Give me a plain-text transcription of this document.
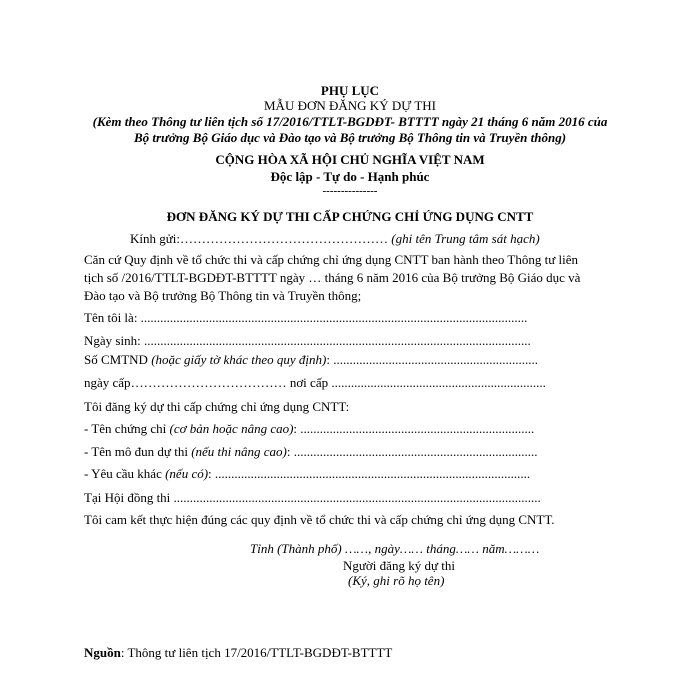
PHỤ LỤC
MẪU ĐƠN ĐĂNG KÝ DỰ THI
(Kèm theo Thông tư liên tịch số 17/2016/TTLT-BGDĐT- BTTTT ngày 21 tháng 6 năm 2016 của
Bộ trưởng Bộ Giáo dục và Đào tạo và Bộ trưởng Bộ Thông tin và Truyền thông)
CỘNG HÒA XÃ HỘI CHỦ NGHĨA VIỆT NAM
Độc lập - Tự do - Hạnh phúc
---------------
ĐƠN ĐĂNG KÝ DỰ THI CẤP CHỨNG CHỈ ỨNG DỤNG CNTT
Kính gửi:………………………………………… (ghi tên Trung tâm sát hạch)
Căn cứ Quy định về tổ chức thi và cấp chứng chỉ ứng dụng CNTT ban hành theo Thông tư liên
tịch số /2016/TTLT-BGDĐT-BTTTT ngày … tháng 6 năm 2016 của Bộ trưởng Bộ Giáo dục và
Đào tạo và Bộ trưởng Bộ Thông tin và Truyền thông;
Tên tôi là: .......................................................................................................................
Ngày sinh: .......................................................................................................................
Số CMTND (hoặc giấy tờ khác theo quy định): ...............................................................
ngày cấp……………………………… nơi cấp ..................................................................
Tôi đăng ký dự thi cấp chứng chỉ ứng dụng CNTT:
- Tên chứng chỉ (cơ bản hoặc nâng cao): ........................................................................
- Tên mô đun dự thi (nếu thi nâng cao): ...........................................................................
- Yêu cầu khác (nếu có): .................................................................................................
Tại Hội đồng thi .................................................................................................................
Tôi cam kết thực hiện đúng các quy định về tổ chức thi và cấp chứng chỉ ứng dụng CNTT.
Tỉnh (Thành phố) ……, ngày…… tháng…… năm………
Người đăng ký dự thi
(Ký, ghi rõ họ tên)
Nguồn: Thông tư liên tịch 17/2016/TTLT-BGDĐT-BTTTT
